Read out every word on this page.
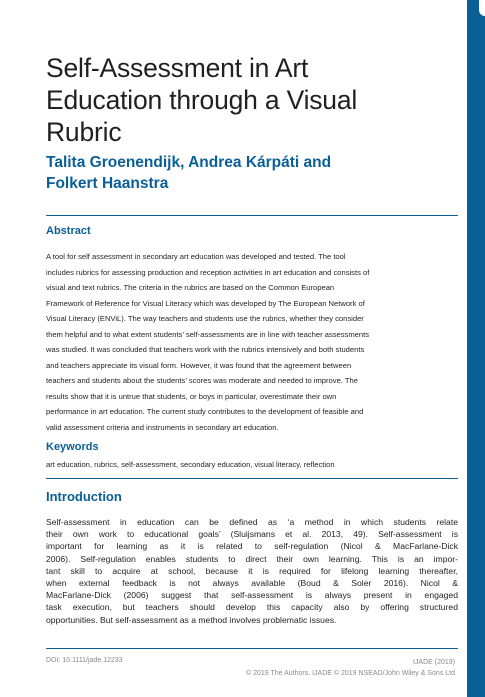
Self-Assessment in Art
Education through a Visual
Rubric
Talita Groenendijk, Andrea Kárpáti and
Folkert Haanstra
Abstract
A tool for self assessment in secondary art education was developed and tested. The tool
includes rubrics for assessing production and reception activities in art education and consists of
visual and text rubrics. The criteria in the rubrics are based on the Common European
Framework of Reference for Visual Literacy which was developed by The European Network of
Visual Literacy (ENViL). The way teachers and students use the rubrics, whether they consider
them helpful and to what extent students’ self-assessments are in line with teacher assessments
was studied. It was concluded that teachers work with the rubrics intensively and both students
and teachers appreciate its visual form. However, it was found that the agreement between
teachers and students about the students’ scores was moderate and needed to improve. The
results show that it is untrue that students, or boys in particular, overestimate their own
performance in art education. The current study contributes to the development of feasible and
valid assessment criteria and instruments in secondary art education.
Keywords
art education, rubrics, self-assessment, secondary education, visual literacy, reflection
Introduction
Self-assessment in education can be defined as ‘a method in which students relate
their own work to educational goals’ (Sluijsmans et al. 2013, 49). Self-assessment is
important for learning as it is related to self-regulation (Nicol & MacFarlane-Dick
2006). Self-regulation enables students to direct their own learning. This is an impor-
tant skill to acquire at school, because it is required for lifelong learning thereafter,
when external feedback is not always available (Boud & Soler 2016). Nicol &
MacFarlane-Dick (2006) suggest that self-assessment is always present in engaged
task execution, but teachers should develop this capacity also by offering structured
opportunities. But self-assessment as a method involves problematic issues.
DOI: 10.1111/jade.12233	IJADE (2019)
© 2019 The Authors. IJADE © 2019 NSEAD/John Wiley & Sons Ltd
